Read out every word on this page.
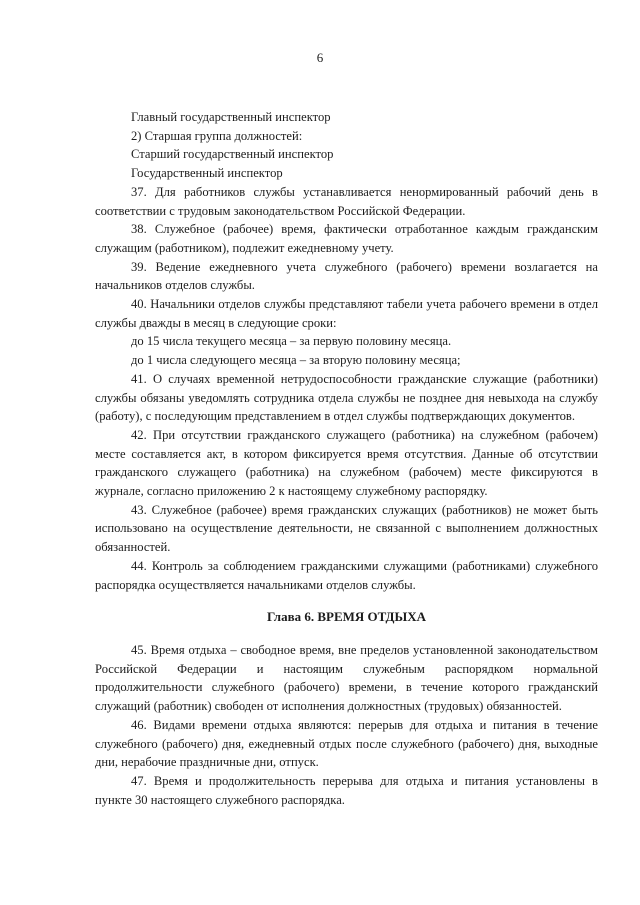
6

Главный государственный инспектор

2) Старшая группа должностей:

Старший государственный инспектор

Государственный инспектор

37. Для работников службы устанавливается ненормированный рабочий день в соответствии с трудовым законодательством Российской Федерации.

38. Служебное (рабочее) время, фактически отработанное каждым гражданским служащим (работником), подлежит ежедневному учету.

39. Ведение ежедневного учета служебного (рабочего) времени возлагается на начальников отделов службы.

40. Начальники отделов службы представляют табели учета рабочего времени в отдел службы дважды в месяц в следующие сроки:

до 15 числа текущего месяца – за первую половину месяца.

до 1 числа следующего месяца – за вторую половину месяца;

41. О случаях временной нетрудоспособности гражданские служащие (работники) службы обязаны уведомлять сотрудника отдела службы не позднее дня невыхода на службу (работу), с последующим представлением в отдел службы подтверждающих документов.

42. При отсутствии гражданского служащего (работника) на служебном (рабочем) месте составляется акт, в котором фиксируется время отсутствия. Данные об отсутствии гражданского служащего (работника) на служебном (рабочем) месте фиксируются в журнале, согласно приложению 2 к настоящему служебному распорядку.

43. Служебное (рабочее) время гражданских служащих (работников) не может быть использовано на осуществление деятельности, не связанной с выполнением должностных обязанностей.

44. Контроль за соблюдением гражданскими служащими (работниками) служебного распорядка осуществляется начальниками отделов службы.

Глава 6. ВРЕМЯ ОТДЫХА

45. Время отдыха – свободное время, вне пределов установленной законодательством Российской Федерации и настоящим служебным распорядком нормальной продолжительности служебного (рабочего) времени, в течение которого гражданский служащий (работник) свободен от исполнения должностных (трудовых) обязанностей.

46. Видами времени отдыха являются: перерыв для отдыха и питания в течение служебного (рабочего) дня, ежедневный отдых после служебного (рабочего) дня, выходные дни, нерабочие праздничные дни, отпуск.

47. Время и продолжительность перерыва для отдыха и питания установлены в пункте 30 настоящего служебного распорядка.
